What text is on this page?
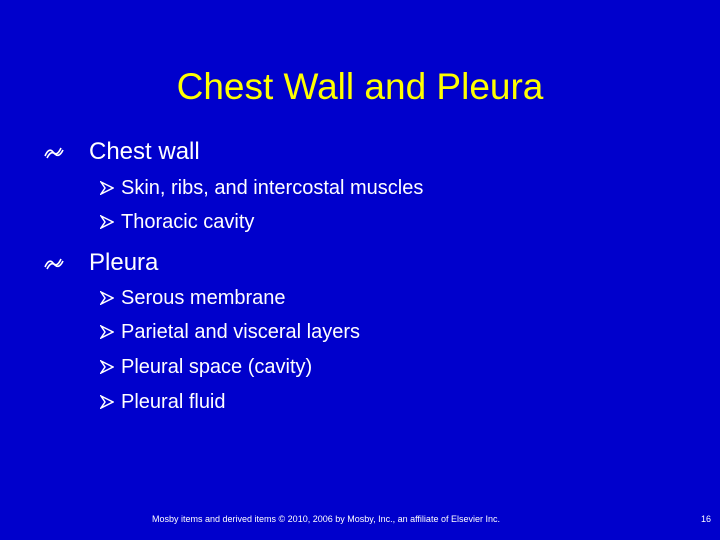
Chest Wall and Pleura
Chest wall
Skin, ribs, and intercostal muscles
Thoracic cavity
Pleura
Serous membrane
Parietal and visceral layers
Pleural space (cavity)
Pleural fluid
Mosby items and derived items © 2010, 2006 by Mosby, Inc., an affiliate of Elsevier Inc.	16
